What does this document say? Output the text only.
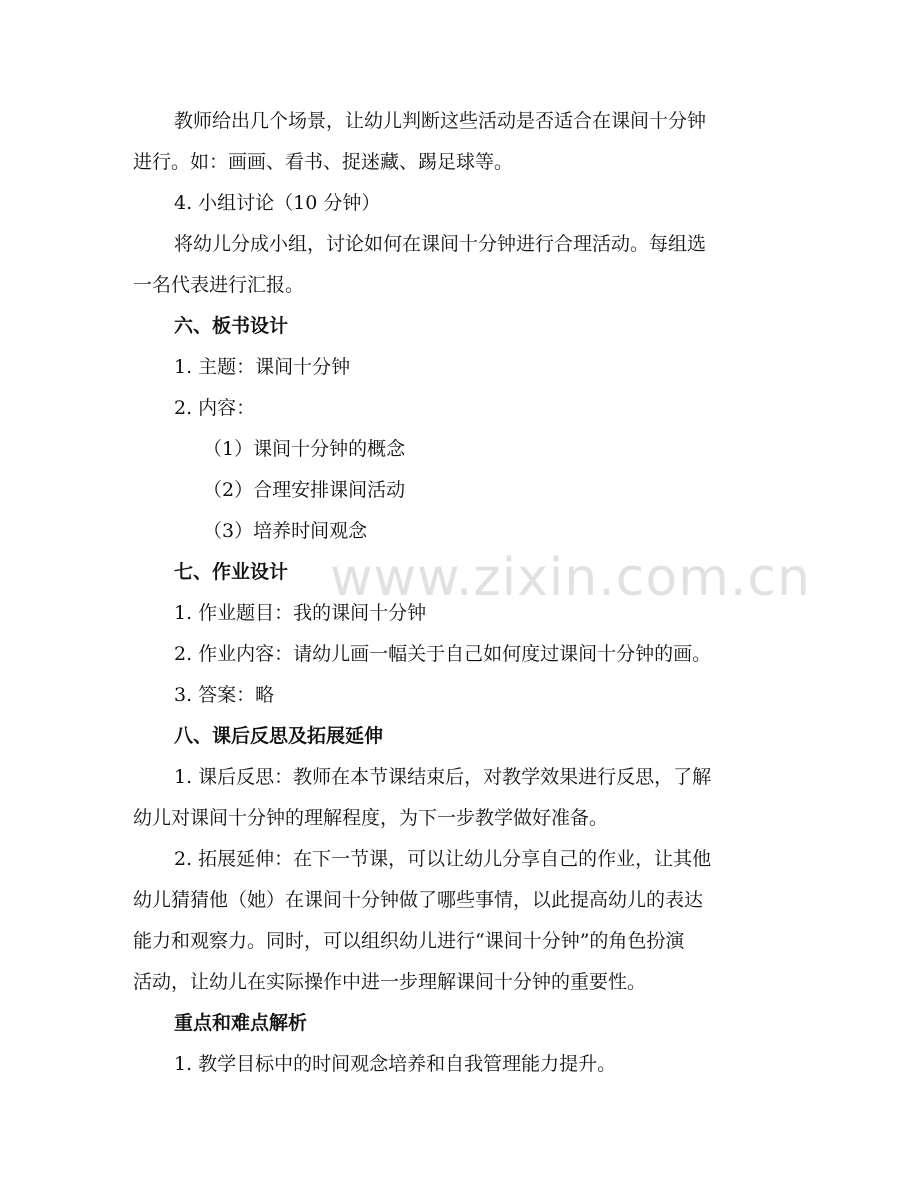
教师给出几个场景，让幼儿判断这些活动是否适合在课间十分钟
进行。如：画画、看书、捉迷藏、踢足球等。
4. 小组讨论（10 分钟）
将幼儿分成小组，讨论如何在课间十分钟进行合理活动。每组选
一名代表进行汇报。
六、板书设计
1. 主题：课间十分钟
2. 内容：
（1）课间十分钟的概念
（2）合理安排课间活动
（3）培养时间观念
七、作业设计
1. 作业题目：我的课间十分钟
2. 作业内容：请幼儿画一幅关于自己如何度过课间十分钟的画。
3. 答案：略
八、课后反思及拓展延伸
1. 课后反思：教师在本节课结束后，对教学效果进行反思，了解
幼儿对课间十分钟的理解程度，为下一步教学做好准备。
2. 拓展延伸：在下一节课，可以让幼儿分享自己的作业，让其他
幼儿猜猜他（她）在课间十分钟做了哪些事情，以此提高幼儿的表达
能力和观察力。同时，可以组织幼儿进行“课间十分钟”的角色扮演
活动，让幼儿在实际操作中进一步理解课间十分钟的重要性。
重点和难点解析
1. 教学目标中的时间观念培养和自我管理能力提升。
www.zixin.com.cn
